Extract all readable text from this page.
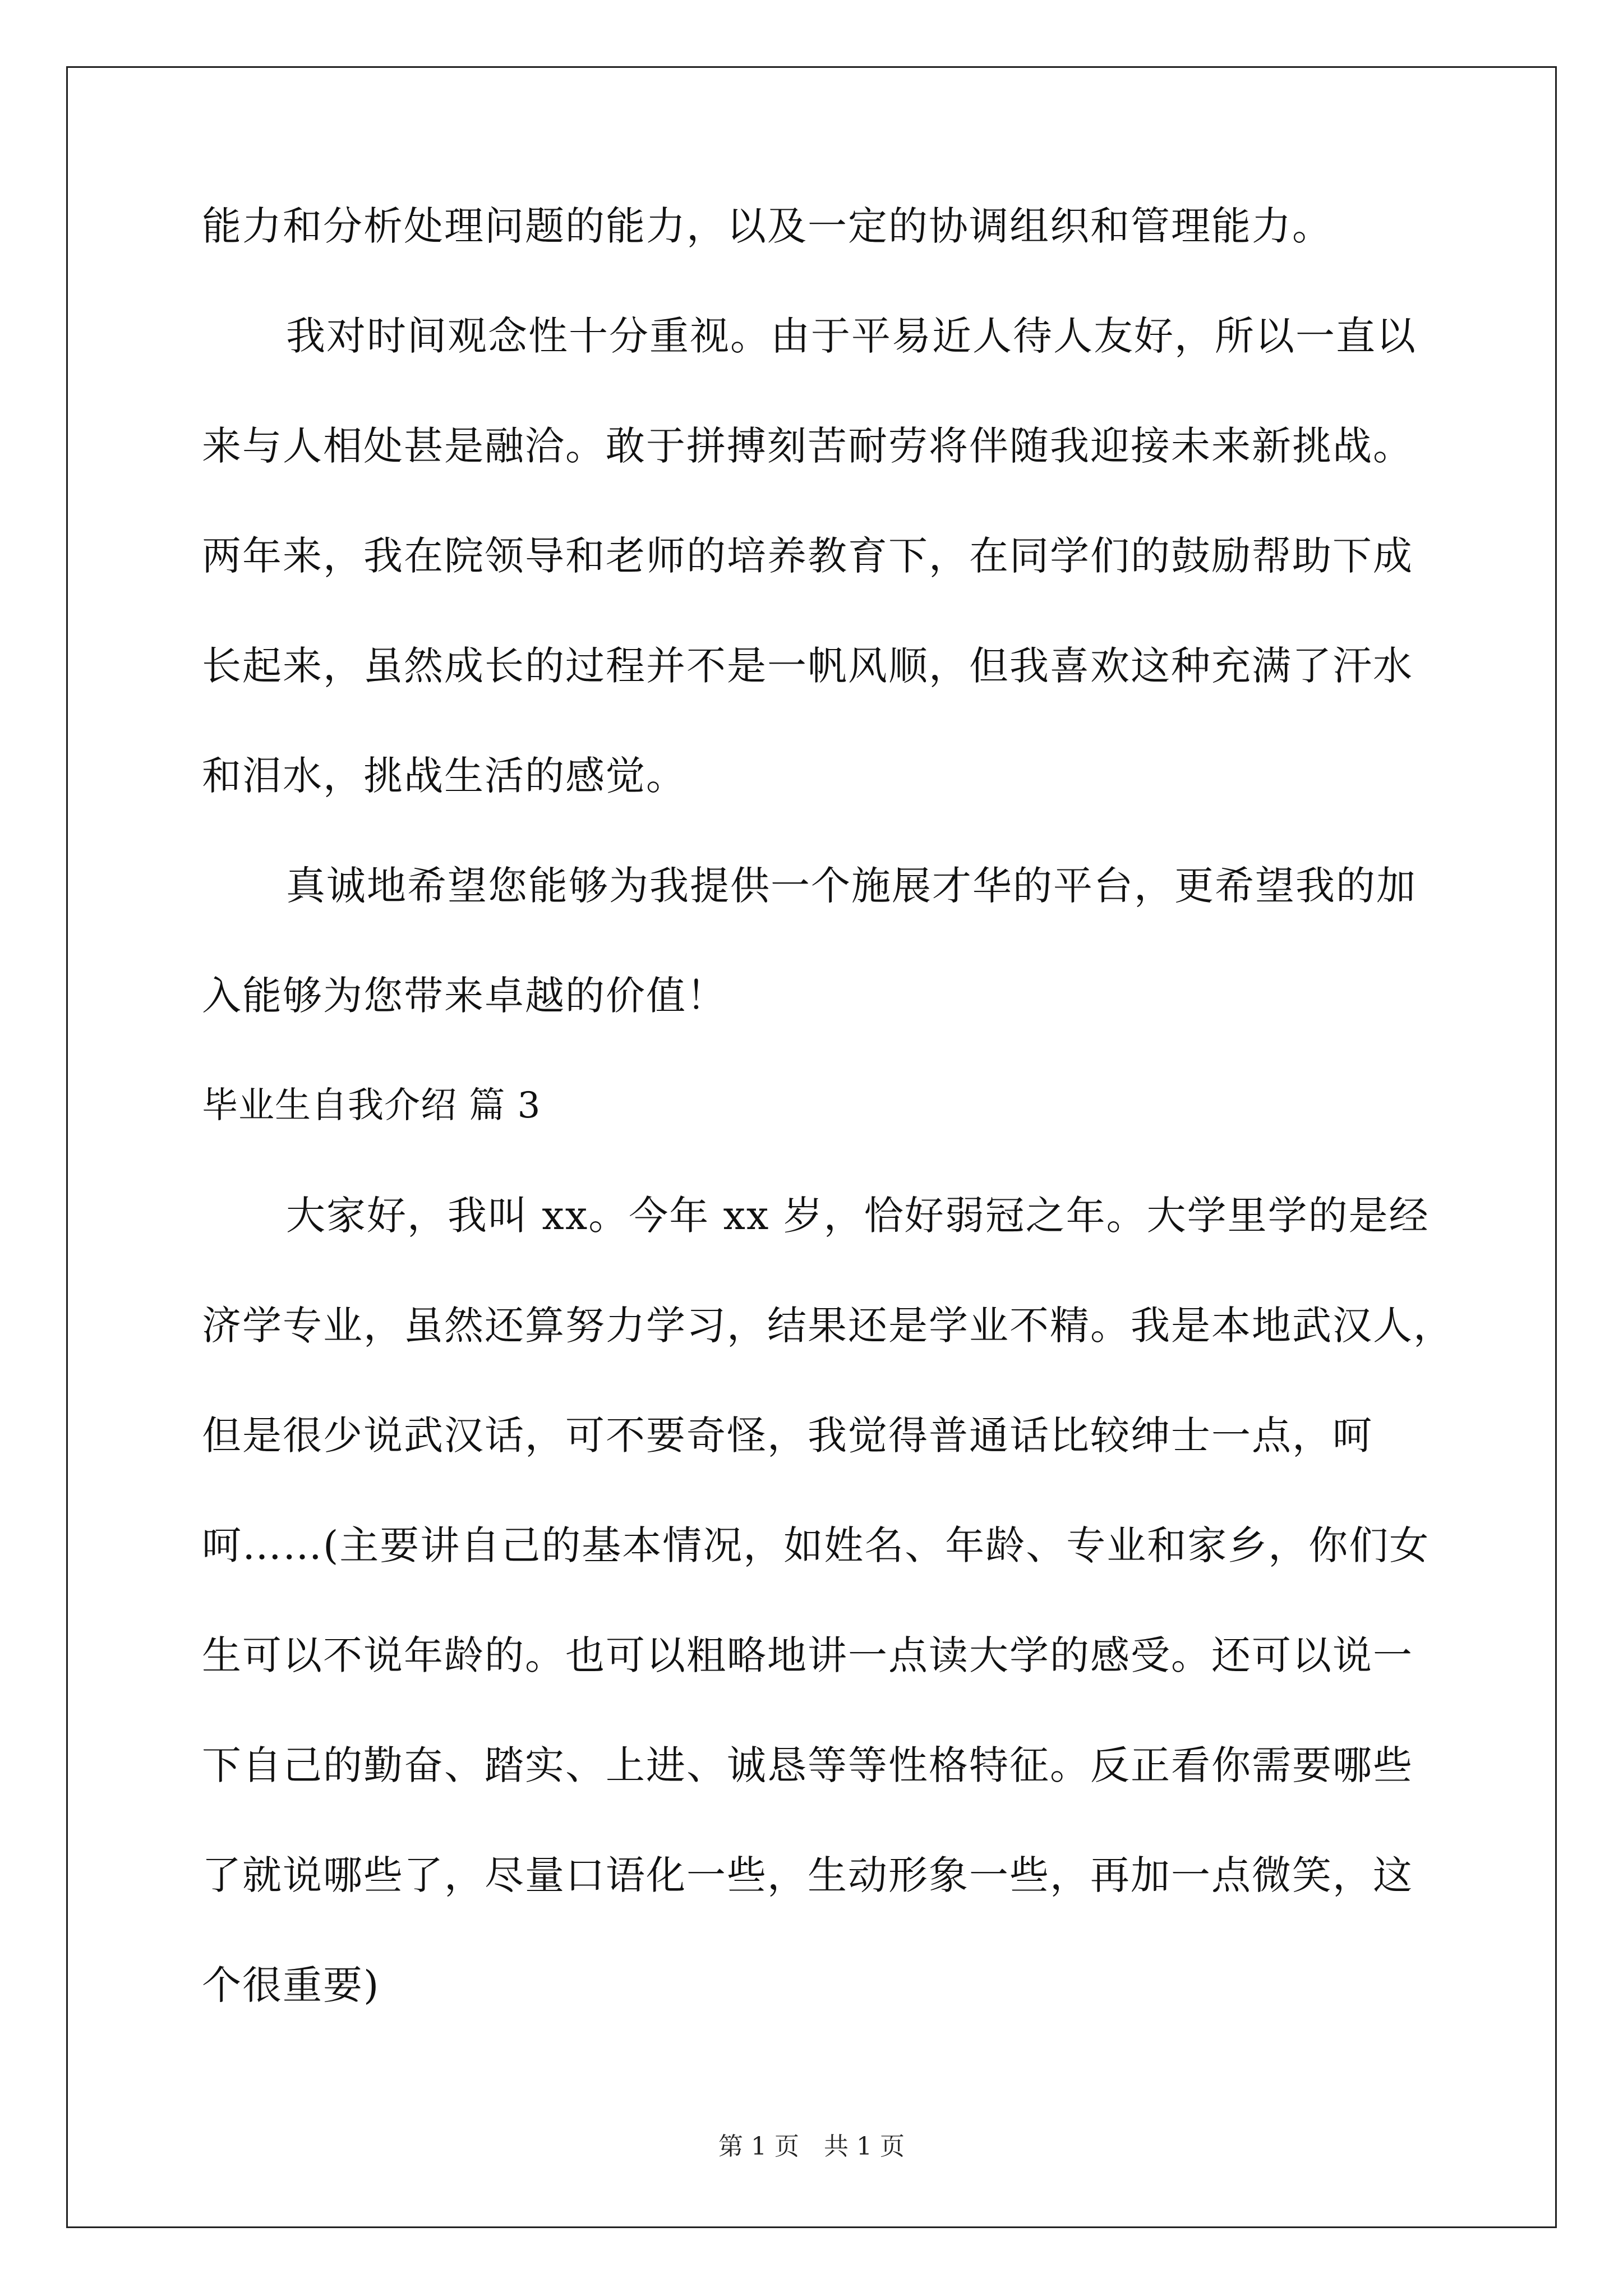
能力和分析处理问题的能力，以及一定的协调组织和管理能力。
我对时间观念性十分重视。由于平易近人待人友好，所以一直以
来与人相处甚是融洽。敢于拼搏刻苦耐劳将伴随我迎接未来新挑战。
两年来，我在院领导和老师的培养教育下，在同学们的鼓励帮助下成
长起来，虽然成长的过程并不是一帆风顺，但我喜欢这种充满了汗水
和泪水，挑战生活的感觉。
真诚地希望您能够为我提供一个施展才华的平台，更希望我的加
入能够为您带来卓越的价值！
毕业生自我介绍 篇 3
大家好，我叫 xx。今年 xx 岁，恰好弱冠之年。大学里学的是经
济学专业，虽然还算努力学习，结果还是学业不精。我是本地武汉人，
但是很少说武汉话，可不要奇怪，我觉得普通话比较绅士一点，呵
呵……(主要讲自己的基本情况，如姓名、年龄、专业和家乡，你们女
生可以不说年龄的。也可以粗略地讲一点读大学的感受。还可以说一
下自己的勤奋、踏实、上进、诚恳等等性格特征。反正看你需要哪些
了就说哪些了，尽量口语化一些，生动形象一些，再加一点微笑，这
个很重要)
第 1 页　共 1 页
